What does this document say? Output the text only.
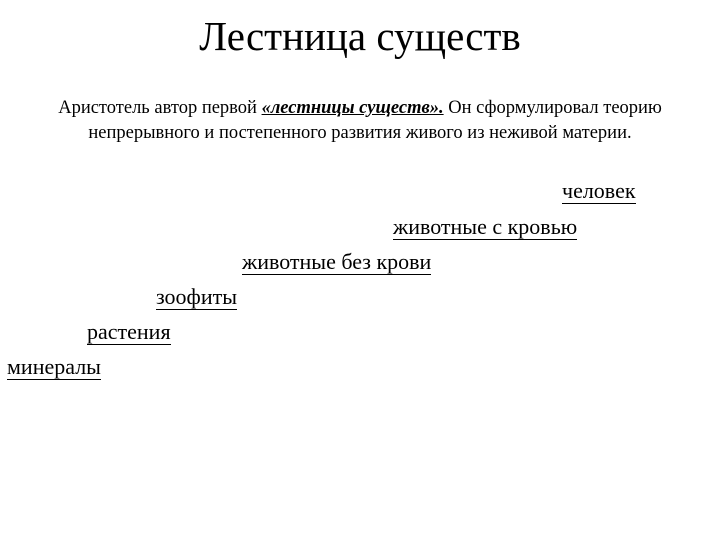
Лестница существ

Аристотель автор первой «лестницы существ». Он сформулировал теорию
непрерывного и постепенного развития живого из неживой материи.

человек
животные с кровью
животные без крови
зоофиты
растения
минералы
